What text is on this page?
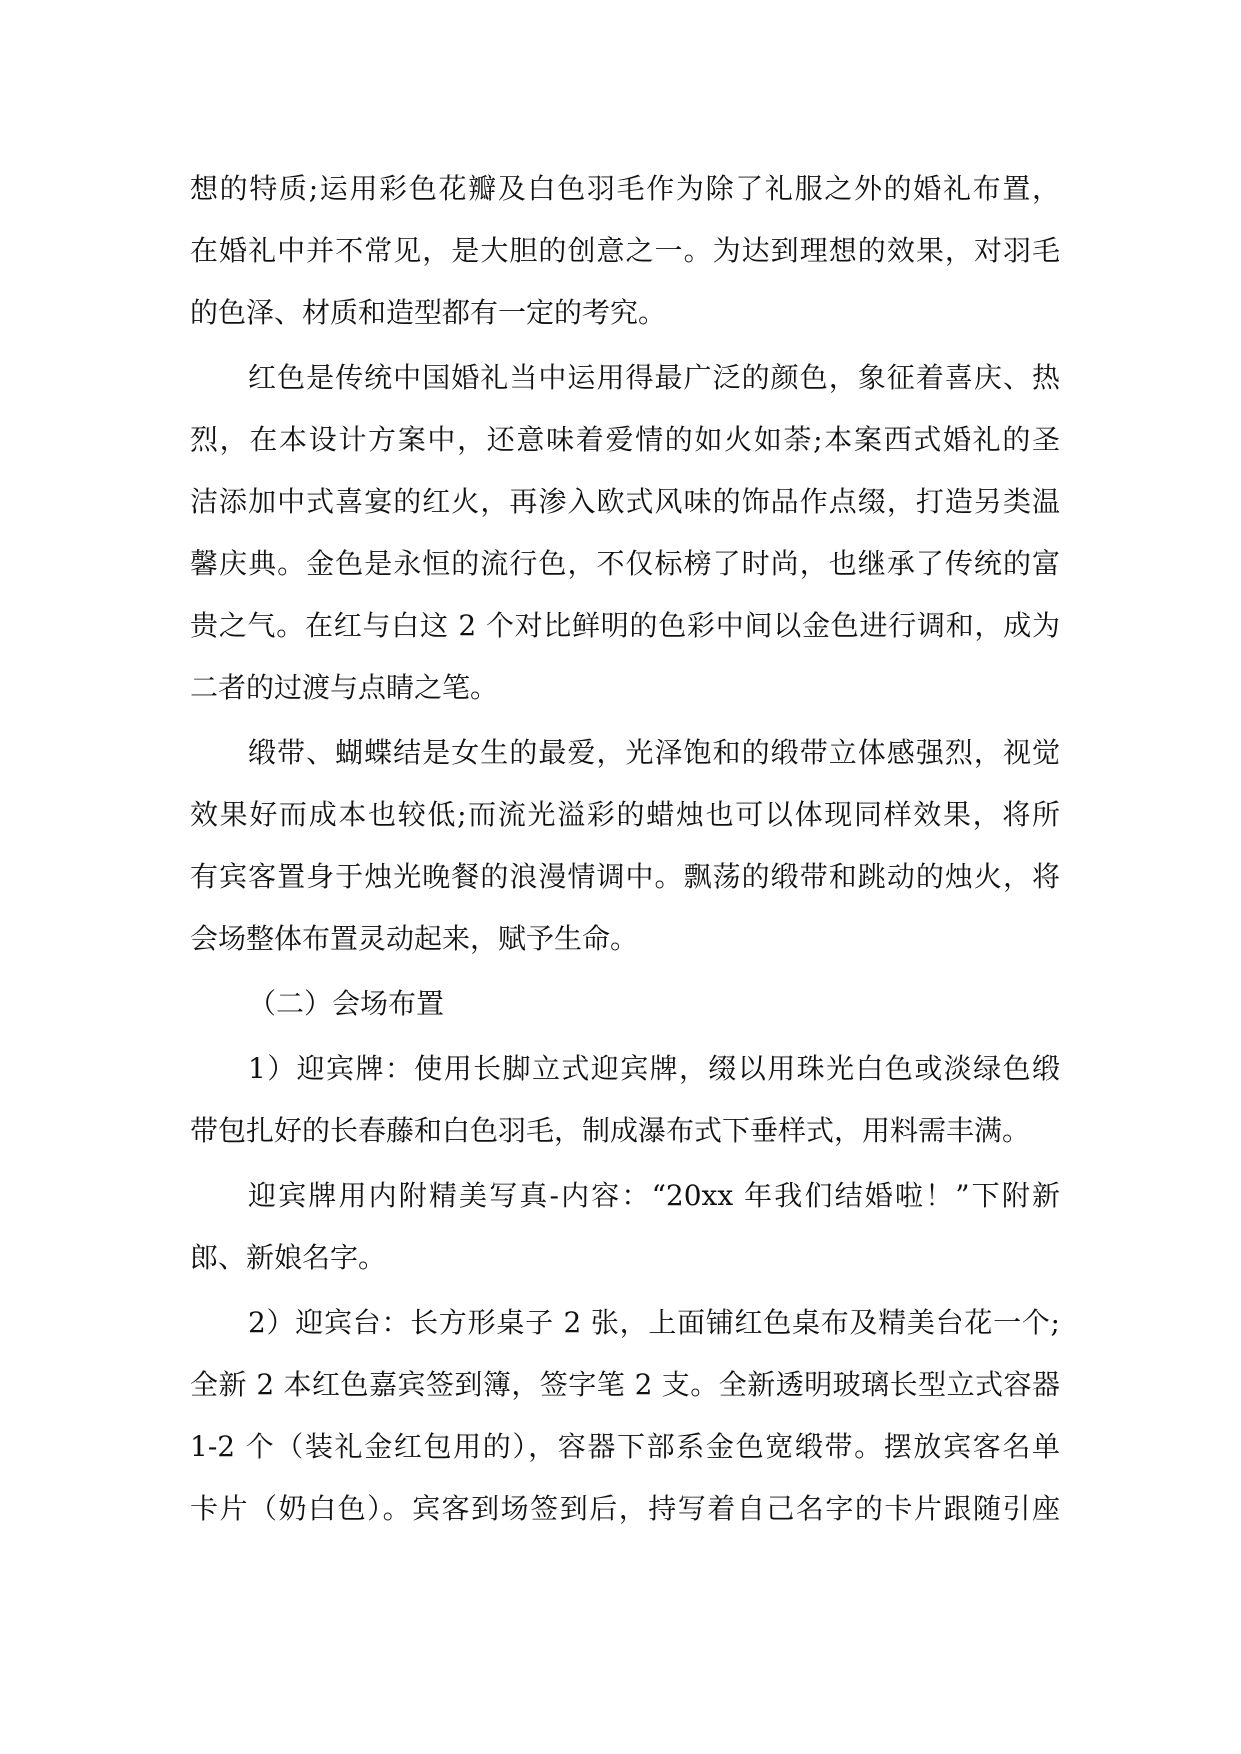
想的特质;运用彩色花瓣及白色羽毛作为除了礼服之外的婚礼布置，
在婚礼中并不常见，是大胆的创意之一。为达到理想的效果，对羽毛
的色泽、材质和造型都有一定的考究。
红色是传统中国婚礼当中运用得最广泛的颜色，象征着喜庆、热
烈，在本设计方案中，还意味着爱情的如火如荼;本案西式婚礼的圣
洁添加中式喜宴的红火，再渗入欧式风味的饰品作点缀，打造另类温
馨庆典。金色是永恒的流行色，不仅标榜了时尚，也继承了传统的富
贵之气。在红与白这 2 个对比鲜明的色彩中间以金色进行调和，成为
二者的过渡与点睛之笔。
缎带、蝴蝶结是女生的最爱，光泽饱和的缎带立体感强烈，视觉
效果好而成本也较低;而流光溢彩的蜡烛也可以体现同样效果，将所
有宾客置身于烛光晚餐的浪漫情调中。飘荡的缎带和跳动的烛火，将
会场整体布置灵动起来，赋予生命。
（二）会场布置
1）迎宾牌：使用长脚立式迎宾牌，缀以用珠光白色或淡绿色缎
带包扎好的长春藤和白色羽毛，制成瀑布式下垂样式，用料需丰满。
迎宾牌用内附精美写真-内容：“20xx 年我们结婚啦！”下附新
郎、新娘名字。
2）迎宾台：长方形桌子 2 张，上面铺红色桌布及精美台花一个;
全新 2 本红色嘉宾签到簿，签字笔 2 支。全新透明玻璃长型立式容器
1-2 个（装礼金红包用的），容器下部系金色宽缎带。摆放宾客名单
卡片（奶白色）。宾客到场签到后，持写着自己名字的卡片跟随引座
